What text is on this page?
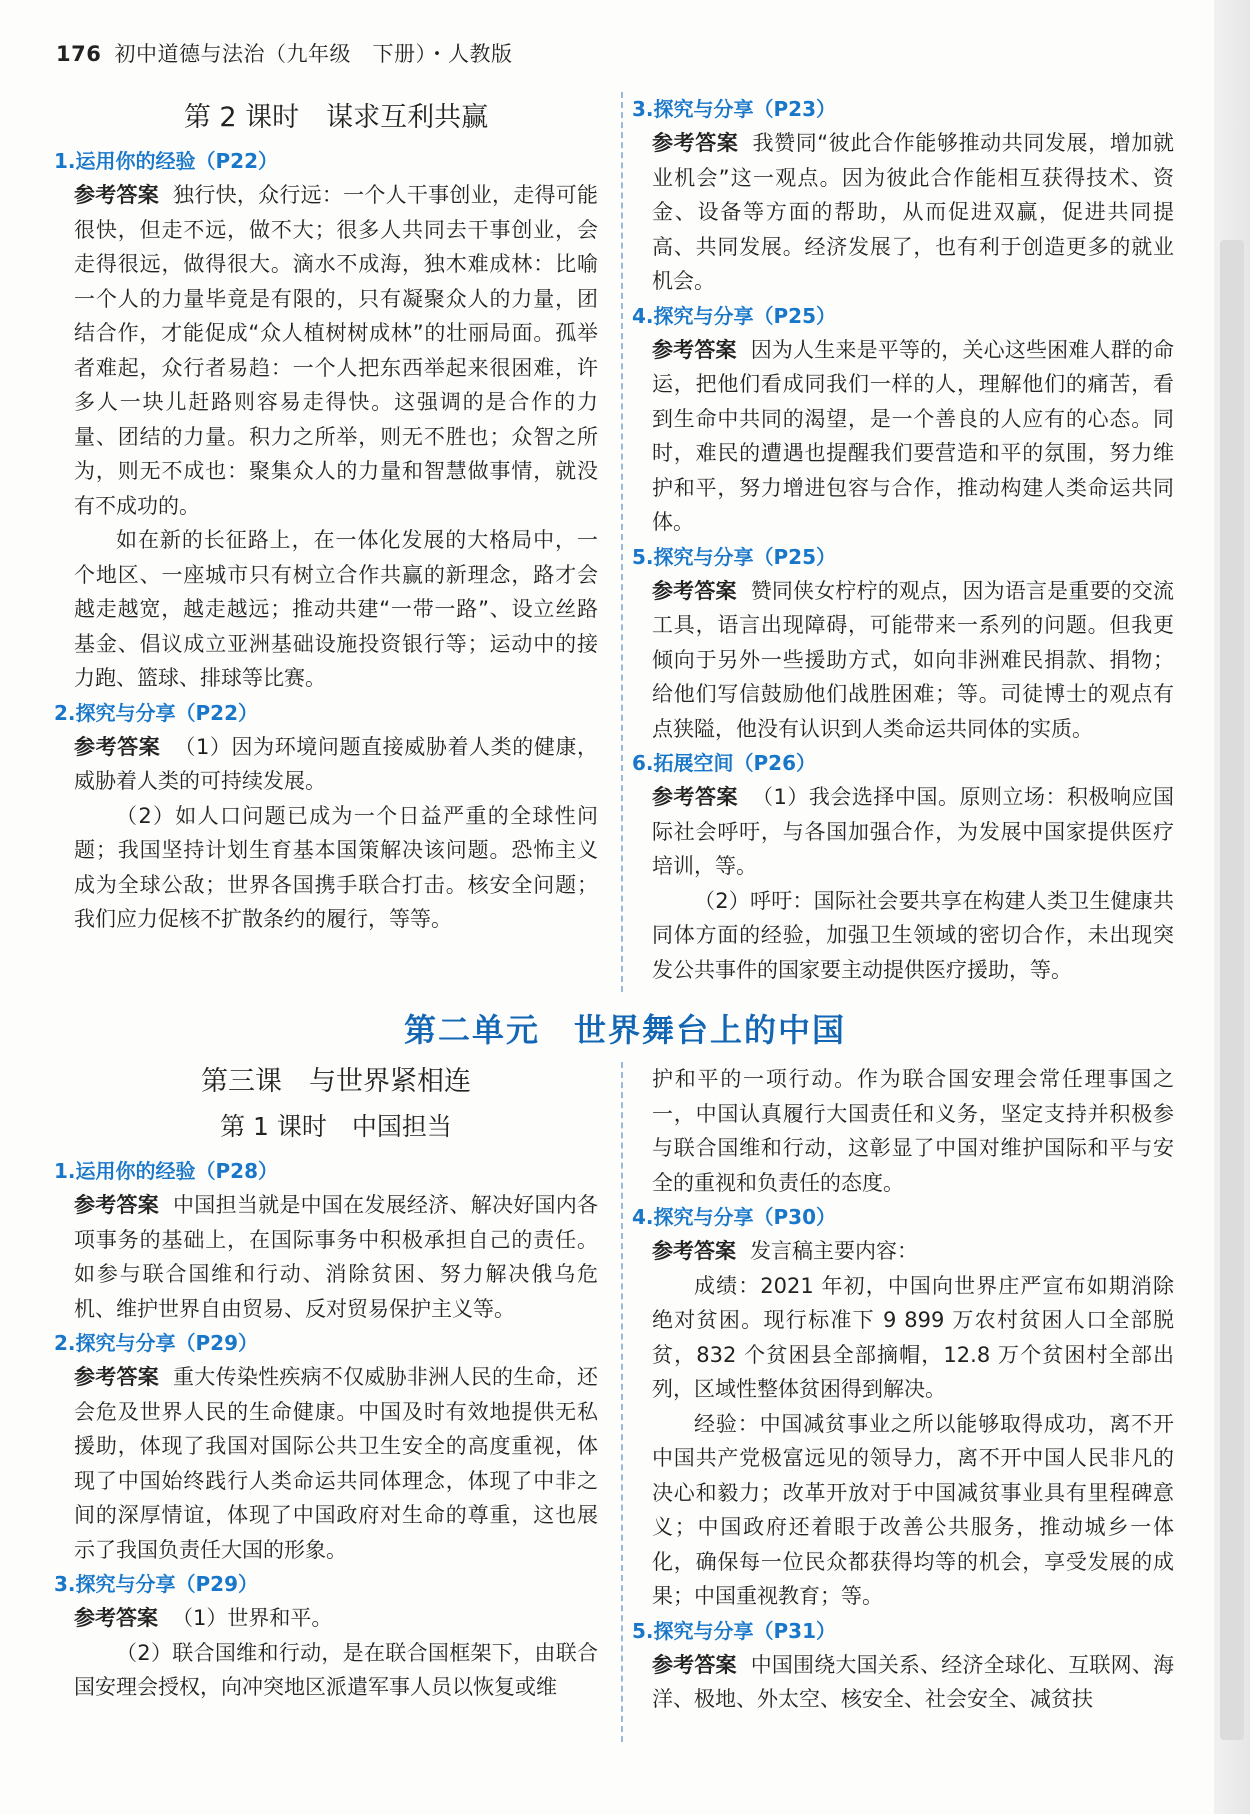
176 初中道德与法治（九年级　下册）・人教版
第 2 课时　谋求互利共赢
1.运用你的经验（P22）

参考答案 独行快，众行远：一个人干事创业，走得可能很快，但走不远，做不大；很多人共同去干事创业，会走得很远，做得很大。滴水不成海，独木难成林：比喻一个人的力量毕竟是有限的，只有凝聚众人的力量，团结合作，才能促成“众人植树树成林”的壮丽局面。孤举者难起，众行者易趋：一个人把东西举起来很困难，许多人一块儿赶路则容易走得快。这强调的是合作的力量、团结的力量。积力之所举，则无不胜也；众智之所为，则无不成也：聚集众人的力量和智慧做事情，就没有不成功的。

如在新的长征路上，在一体化发展的大格局中，一个地区、一座城市只有树立合作共赢的新理念，路才会越走越宽，越走越远；推动共建“一带一路”、设立丝路基金、倡议成立亚洲基础设施投资银行等；运动中的接力跑、篮球、排球等比赛。

2.探究与分享（P22）

参考答案 （1）因为环境问题直接威胁着人类的健康，威胁着人类的可持续发展。

（2）如人口问题已成为一个日益严重的全球性问题；我国坚持计划生育基本国策解决该问题。恐怖主义成为全球公敌；世界各国携手联合打击。核安全问题；我们应力促核不扩散条约的履行，等等。

3.探究与分享（P23）

参考答案 我赞同“彼此合作能够推动共同发展，增加就业机会”这一观点。因为彼此合作能相互获得技术、资金、设备等方面的帮助，从而促进双赢，促进共同提高、共同发展。经济发展了，也有利于创造更多的就业机会。

4.探究与分享（P25）

参考答案 因为人生来是平等的，关心这些困难人群的命运，把他们看成同我们一样的人，理解他们的痛苦，看到生命中共同的渴望，是一个善良的人应有的心态。同时，难民的遭遇也提醒我们要营造和平的氛围，努力维护和平，努力增进包容与合作，推动构建人类命运共同体。

5.探究与分享（P25）

参考答案 赞同侠女柠柠的观点，因为语言是重要的交流工具，语言出现障碍，可能带来一系列的问题。但我更倾向于另外一些援助方式，如向非洲难民捐款、捐物；给他们写信鼓励他们战胜困难；等。司徒博士的观点有点狭隘，他没有认识到人类命运共同体的实质。

6.拓展空间（P26）

参考答案 （1）我会选择中国。原则立场：积极响应国际社会呼吁，与各国加强合作，为发展中国家提供医疗培训，等。

（2）呼吁：国际社会要共享在构建人类卫生健康共同体方面的经验，加强卫生领域的密切合作，未出现突发公共事件的国家要主动提供医疗援助，等。

第二单元 世界舞台上的中国
第三课　与世界紧相连
第 1 课时　中国担当
1.运用你的经验（P28）

参考答案 中国担当就是中国在发展经济、解决好国内各项事务的基础上，在国际事务中积极承担自己的责任。如参与联合国维和行动、消除贫困、努力解决俄乌危机、维护世界自由贸易、反对贸易保护主义等。

2.探究与分享（P29）

参考答案 重大传染性疾病不仅威胁非洲人民的生命，还会危及世界人民的生命健康。中国及时有效地提供无私援助，体现了我国对国际公共卫生安全的高度重视，体现了中国始终践行人类命运共同体理念，体现了中非之间的深厚情谊，体现了中国政府对生命的尊重，这也展示了我国负责任大国的形象。

3.探究与分享（P29）

参考答案 （1）世界和平。

（2）联合国维和行动，是在联合国框架下，由联合国安理会授权，向冲突地区派遣军事人员以恢复或维

护和平的一项行动。作为联合国安理会常任理事国之一，中国认真履行大国责任和义务，坚定支持并积极参与联合国维和行动，这彰显了中国对维护国际和平与安全的重视和负责任的态度。

4.探究与分享（P30）

参考答案 发言稿主要内容：

成绩：2021 年初，中国向世界庄严宣布如期消除绝对贫困。现行标准下 9 899 万农村贫困人口全部脱贫，832 个贫困县全部摘帽，12.8 万个贫困村全部出列，区域性整体贫困得到解决。

经验：中国减贫事业之所以能够取得成功，离不开中国共产党极富远见的领导力，离不开中国人民非凡的决心和毅力；改革开放对于中国减贫事业具有里程碑意义；中国政府还着眼于改善公共服务，推动城乡一体化，确保每一位民众都获得均等的机会，享受发展的成果；中国重视教育；等。

5.探究与分享（P31）

参考答案 中国围绕大国关系、经济全球化、互联网、海洋、极地、外太空、核安全、社会安全、减贫扶
